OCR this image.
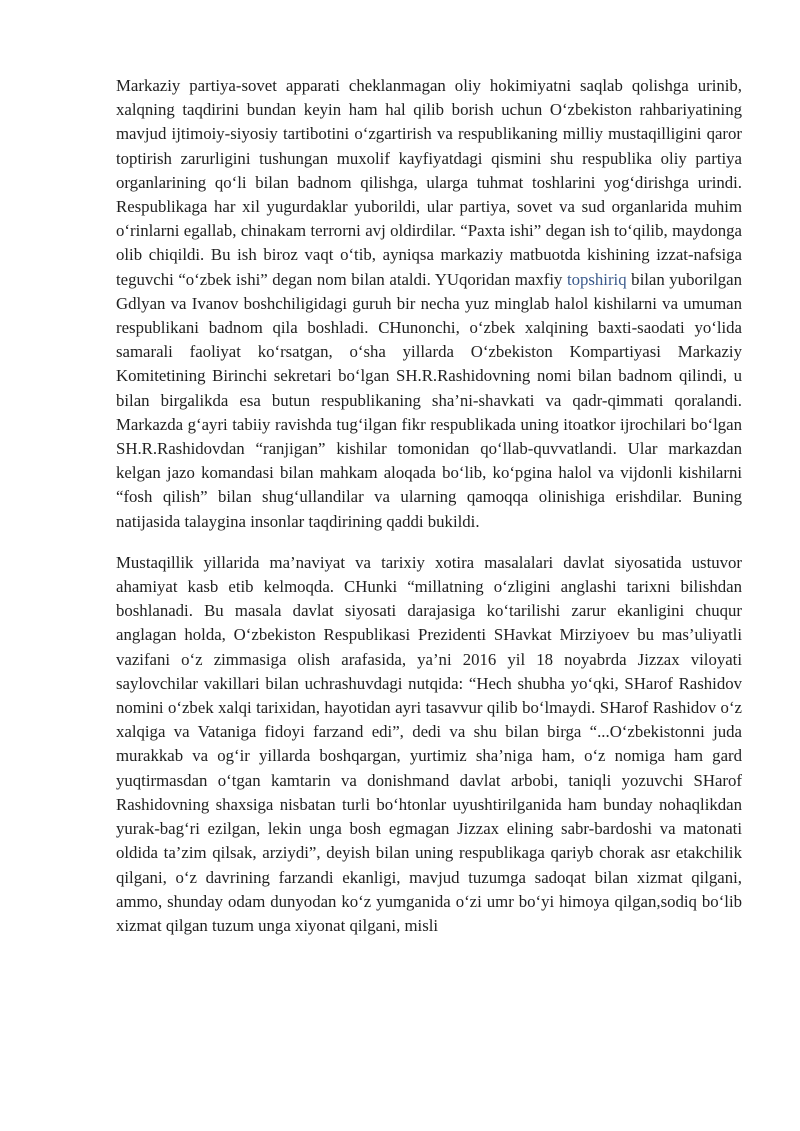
Markaziy partiya-sovet apparati cheklanmagan oliy hokimiyatni saqlab qolishga urinib, xalqning taqdirini bundan keyin ham hal qilib borish uchun O‘zbekiston rahbariyatining mavjud ijtimoiy-siyosiy tartibotini o‘zgartirish va respublikaning milliy mustaqilligini qaror toptirish zarurligini tushungan muxolif kayfiyatdagi qismini shu respublika oliy partiya organlarining qo‘li bilan badnom qilishga, ularga tuhmat toshlarini yog‘dirishga urindi. Respublikaga har xil yugurdaklar yuborildi, ular partiya, sovet va sud organlarida muhim o‘rinlarni egallab, chinakam terrorni avj oldirdilar. “Paxta ishi” degan ish to‘qilib, maydonga olib chiqildi. Bu ish biroz vaqt o‘tib, ayniqsa markaziy matbuotda kishining izzat-nafsiga teguvchi “o‘zbek ishi” degan nom bilan ataldi. YUqoridan maxfiy topshiriq bilan yuborilgan Gdlyan va Ivanov boshchiligidagi guruh bir necha yuz minglab halol kishilarni va umuman respublikani badnom qila boshladi. CHunonchi, o‘zbek xalqining baxti-saodati yo‘lida samarali faoliyat ko‘rsatgan, o‘sha yillarda O‘zbekiston Kompartiyasi Markaziy Komitetining Birinchi sekretari bo‘lgan SH.R.Rashidovning nomi bilan badnom qilindi, u bilan birgalikda esa butun respublikaning sha’ni-shavkati va qadr-qimmati qoralandi. Markazda g‘ayri tabiiy ravishda tug‘ilgan fikr respublikada uning itoatkor ijrochilari bo‘lgan SH.R.Rashidovdan “ranjigan” kishilar tomonidan qo‘llab-quvvatlandi. Ular markazdan kelgan jazo komandasi bilan mahkam aloqada bo‘lib, ko‘pgina halol va vijdonli kishilarni “fosh qilish” bilan shug‘ullandilar va ularning qamoqqa olinishiga erishdilar. Buning natijasida talaygina insonlar taqdirining qaddi bukildi.

Mustaqillik yillarida ma’naviyat va tarixiy xotira masalalari davlat siyosatida ustuvor ahamiyat kasb etib kelmoqda. CHunki “millatning o‘zligini anglashi tarixni bilishdan boshlanadi. Bu masala davlat siyosati darajasiga ko‘tarilishi zarur ekanligini chuqur anglagan holda, O‘zbekiston Respublikasi Prezidenti SHavkat Mirziyoev bu mas’uliyatli vazifani o‘z zimmasiga olish arafasida, ya’ni 2016 yil 18 noyabrda Jizzax viloyati saylovchilar vakillari bilan uchrashuvdagi nutqida: “Hech shubha yo‘qki, SHarof Rashidov nomini o‘zbek xalqi tarixidan, hayotidan ayri tasavvur qilib bo‘lmaydi. SHarof Rashidov o‘z xalqiga va Vataniga fidoyi farzand edi”, dedi va shu bilan birga “...O‘zbekistonni juda murakkab va og‘ir yillarda boshqargan, yurtimiz sha’niga ham, o‘z nomiga ham gard yuqtirmasdan o‘tgan kamtarin va donishmand davlat arbobi, taniqli yozuvchi SHarof Rashidovning shaxsiga nisbatan turli bo‘htonlar uyushtirilganida ham bunday nohaqlikdan yurak-bag‘ri ezilgan, lekin unga bosh egmagan Jizzax elining sabr-bardoshi va matonati oldida ta’zim qilsak, arziydi”, deyish bilan uning respublikaga qariyb chorak asr etakchilik qilgani, o‘z davrining farzandi ekanligi, mavjud tuzumga sadoqat bilan xizmat qilgani, ammo, shunday odam dunyodan ko‘z yumganida o‘zi umr bo‘yi himoya qilgan,sodiq bo‘lib xizmat qilgan tuzum unga xiyonat qilgani, misli
